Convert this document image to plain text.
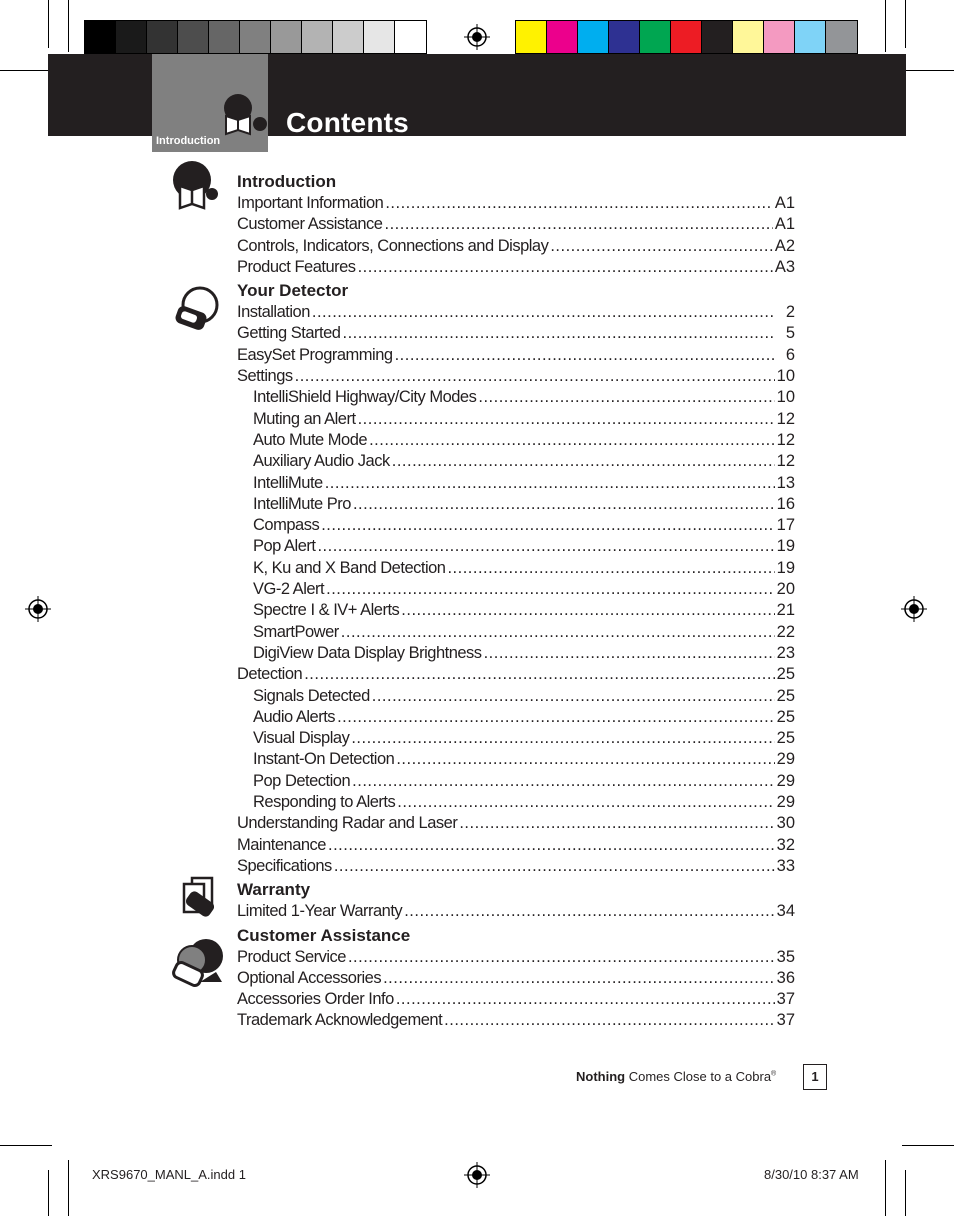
Introduction
Contents
Introduction
Important Information .....	A1
Customer Assistance .....	A1
Controls, Indicators, Connections and Display .....	A2
Product Features .....	A3
Your Detector
Installation .....	2
Getting Started .....	5
EasySet Programming .....	6
Settings .....	10
IntelliShield Highway/City Modes .....	10
Muting an Alert .....	12
Auto Mute Mode .....	12
Auxiliary Audio Jack .....	12
IntelliMute .....	13
IntelliMute Pro .....	16
Compass .....	17
Pop Alert .....	19
K, Ku and X Band Detection .....	19
VG-2 Alert .....	20
Spectre I & IV+ Alerts .....	21
SmartPower .....	22
DigiView Data Display Brightness .....	23
Detection .....	25
Signals Detected .....	25
Audio Alerts .....	25
Visual Display .....	25
Instant-On Detection .....	29
Pop Detection .....	29
Responding to Alerts .....	29
Understanding Radar and Laser .....	30
Maintenance .....	32
Specifications .....	33
Warranty
Limited 1-Year Warranty .....	34
Customer Assistance
Product Service .....	35
Optional Accessories .....	36
Accessories Order Info .....	37
Trademark Acknowledgement .....	37
Nothing Comes Close to a Cobra®	1
XRS9670_MANL_A.indd 1	8/30/10 8:37 AM
